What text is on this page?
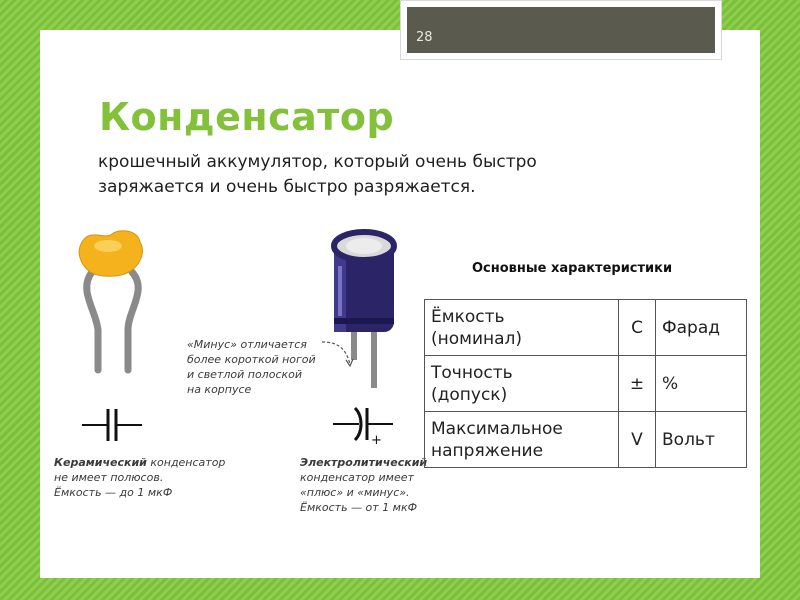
28
Конденсатор
крошечный аккумулятор, который очень быстро
заряжается и очень быстро разряжается.
Керамический конденсатор
не имеет полюсов.
Ёмкость — до 1 мкФ
«Минус» отличается
более короткой ногой
и светлой полоской
на корпусе
+
Электролитический
конденсатор имеет
«плюс» и «минус».
Ёмкость — от 1 мкФ
Основные характеристики
Ёмкость
(номинал)	C	Фарад

Точность
(допуск)	±	%

Максимальное
напряжение	V	Вольт
